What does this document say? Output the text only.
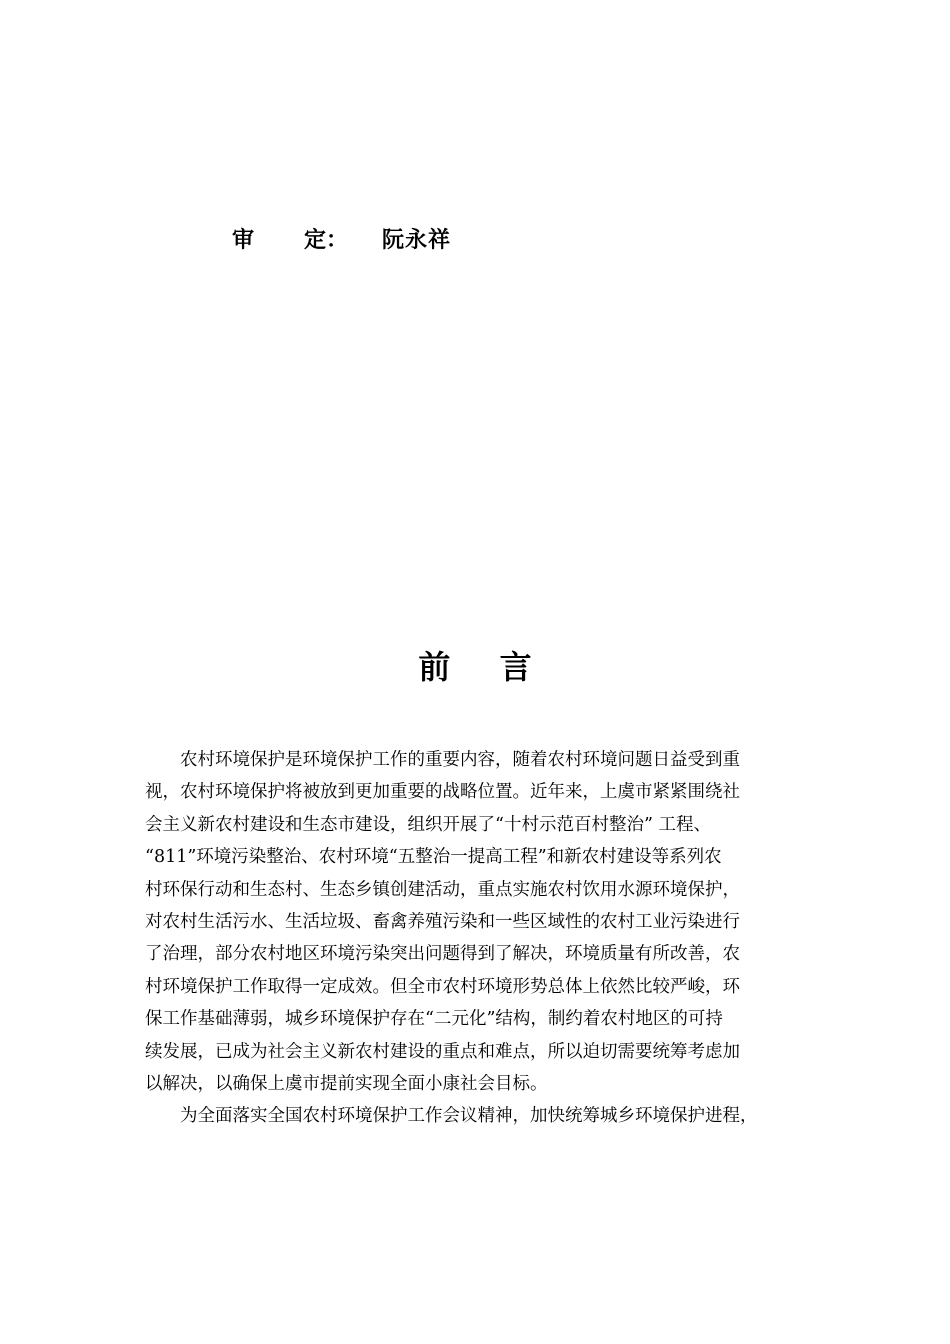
审 定 ： 阮永祥
前 言
　　农村环境保护是环境保护工作的重要内容，随着农村环境问题日益受到重
视，农村环境保护将被放到更加重要的战略位置。近年来，上虞市紧紧围绕社
会主义新农村建设和生态市建设，组织开展了“十村示范百村整治” 工程、
“811”环境污染整治、农村环境“五整治一提高工程”和新农村建设等系列农
村环保行动和生态村、生态乡镇创建活动，重点实施农村饮用水源环境保护，
对农村生活污水、生活垃圾、畜禽养殖污染和一些区域性的农村工业污染进行
了治理，部分农村地区环境污染突出问题得到了解决，环境质量有所改善，农
村环境保护工作取得一定成效。但全市农村环境形势总体上依然比较严峻，环
保工作基础薄弱，城乡环境保护存在“二元化”结构，制约着农村地区的可持
续发展，已成为社会主义新农村建设的重点和难点，所以迫切需要统筹考虑加
以解决，以确保上虞市提前实现全面小康社会目标。
　　为全面落实全国农村环境保护工作会议精神，加快统筹城乡环境保护进程，
